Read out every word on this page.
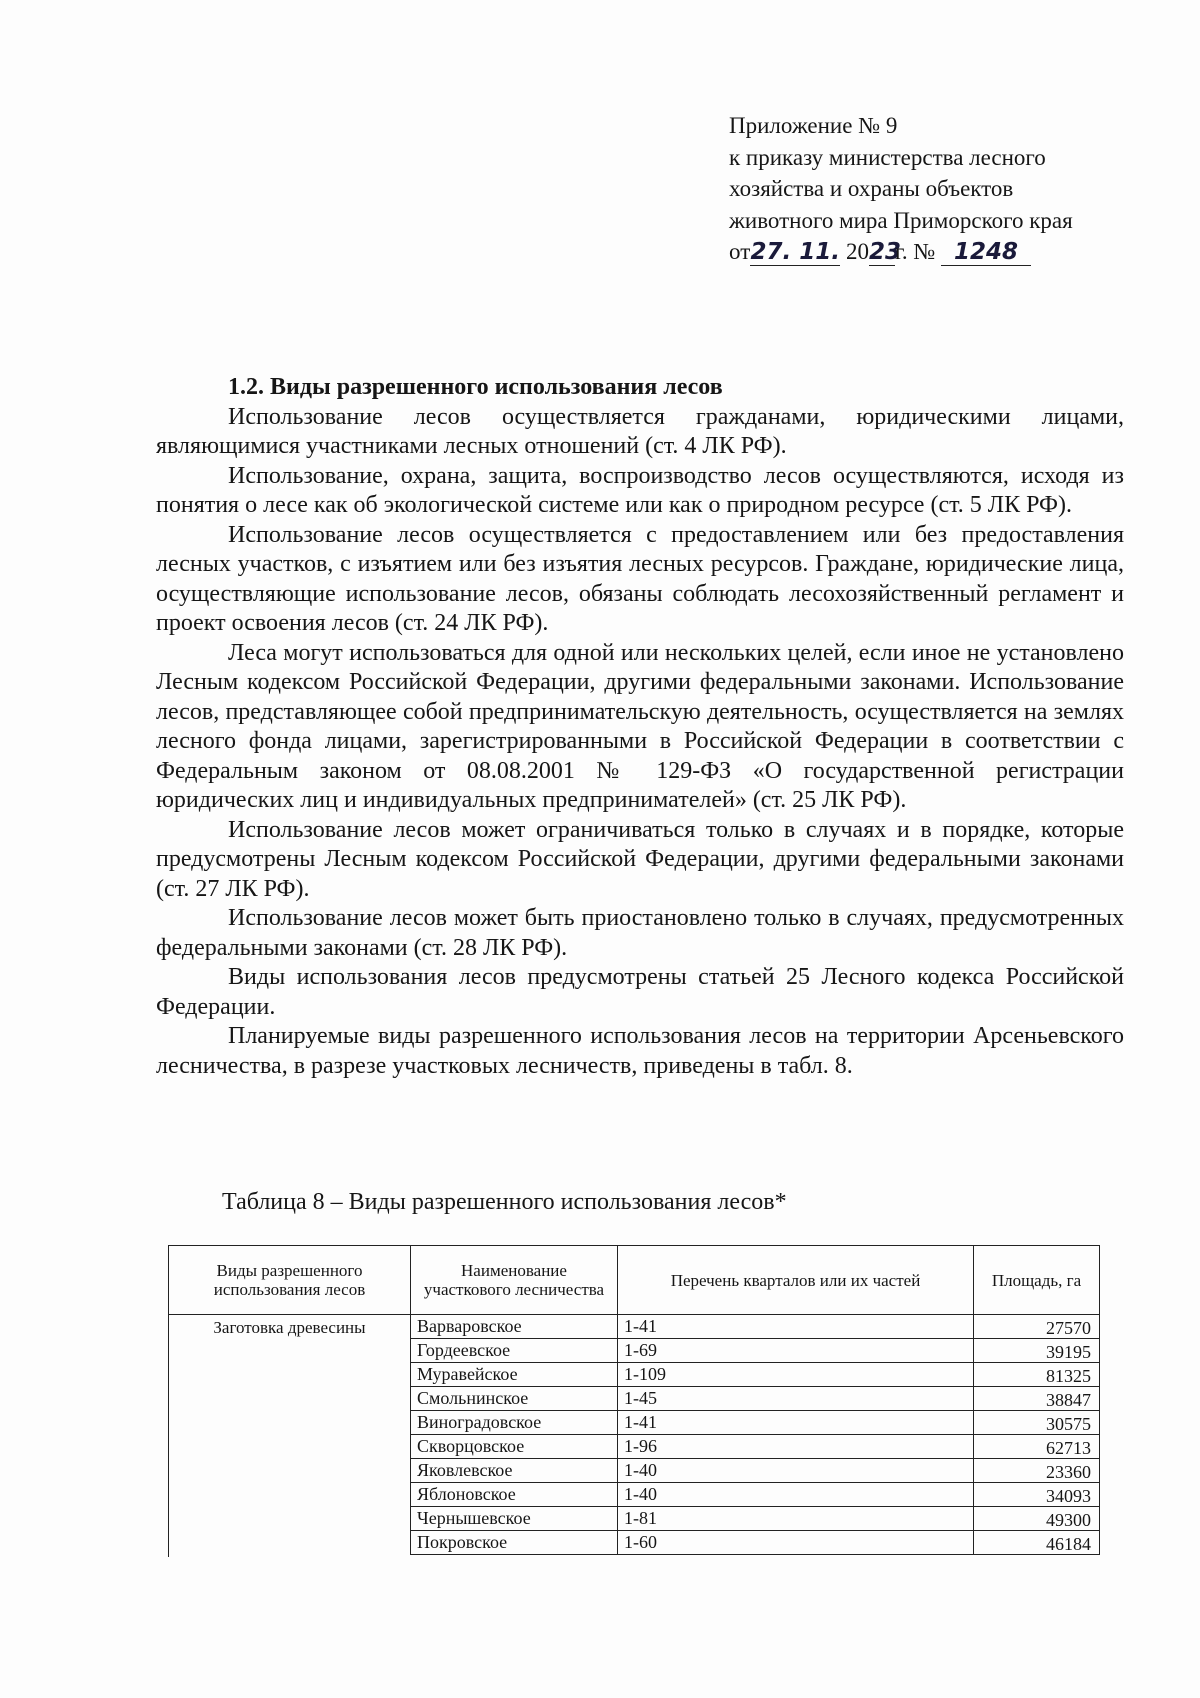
Приложение № 9
к приказу министерства лесного
хозяйства и охраны объектов
животного мира Приморского края
от27. 11. 2023г. № 1248
1.2. Виды разрешенного использования лесов

Использование лесов осуществляется гражданами, юридическими лицами, являющимися участниками лесных отношений (ст. 4 ЛК РФ).

Использование, охрана, защита, воспроизводство лесов осуществляются, исходя из понятия о лесе как об экологической системе или как о природном ресурсе (ст. 5 ЛК РФ).

Использование лесов осуществляется с предоставлением или без предоставления лесных участков, с изъятием или без изъятия лесных ресурсов. Граждане, юридические лица, осуществляющие использование лесов, обязаны соблюдать лесохозяйственный регламент и проект освоения лесов (ст. 24 ЛК РФ).

Леса могут использоваться для одной или нескольких целей, если иное не установлено Лесным кодексом Российской Федерации, другими федеральными законами. Использование лесов, представляющее собой предпринимательскую деятельность, осуществляется на землях лесного фонда лицами, зарегистрированными в Российской Федерации в соответствии с Федеральным законом от 08.08.2001 № 129-ФЗ «О государственной регистрации юридических лиц и индивидуальных предпринимателей» (ст. 25 ЛК РФ).

Использование лесов может ограничиваться только в случаях и в порядке, которые предусмотрены Лесным кодексом Российской Федерации, другими федеральными законами (ст. 27 ЛК РФ).

Использование лесов может быть приостановлено только в случаях, предусмотренных федеральными законами (ст. 28 ЛК РФ).

Виды использования лесов предусмотрены статьей 25 Лесного кодекса Российской Федерации.

Планируемые виды разрешенного использования лесов на территории Арсеньевского лесничества, в разрезе участковых лесничеств, приведены в табл. 8.

Таблица 8 – Виды разрешенного использования лесов*
Виды разрешенного использования лесов
Наименование участкового лесничества	Перечень кварталов или их частей	Площадь, га
Заготовка древесины	Варваровское	1-41	27570
Гордеевское	1-69	39195
Муравейское	1-109	81325
Смольнинское	1-45	38847
Виноградовское	1-41	30575
Скворцовское	1-96	62713
Яковлевское	1-40	23360
Яблоновское	1-40	34093
Чернышевское	1-81	49300
Покровское	1-60	46184
